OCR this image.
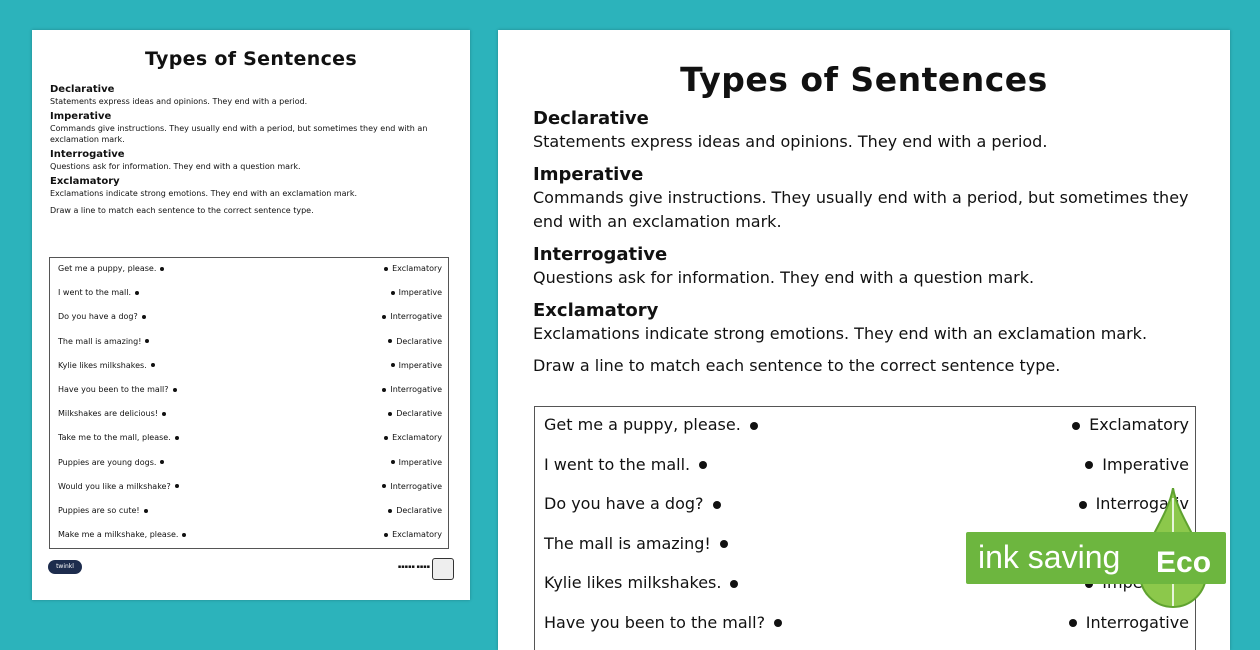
Types of Sentences
Declarative
Statements express ideas and opinions. They end with a period.
Imperative
Commands give instructions. They usually end with a period, but sometimes they end with an exclamation mark.
Interrogative
Questions ask for information. They end with a question mark.
Exclamatory
Exclamations indicate strong emotions. They end with an exclamation mark.
Draw a line to match each sentence to the correct sentence type.
Get me a puppy, please.	Exclamatory
I went to the mall.	Imperative
Do you have a dog?	Interrogative
The mall is amazing!	Declarative
Kylie likes milkshakes.	Imperative
Have you been to the mall?	Interrogative
Milkshakes are delicious!	Declarative
Take me to the mall, please.	Exclamatory
Puppies are young dogs.	Imperative
Would you like a milkshake?	Interrogative
Puppies are so cute!	Declarative
Make me a milkshake, please.	Exclamatory
twinkl	▪▪▪▪▪ ▪▪▪▪
Types of Sentences
Declarative
Statements express ideas and opinions. They end with a period.
Imperative
Commands give instructions. They usually end with a period, but sometimes they end with an exclamation mark.
Interrogative
Questions ask for information. They end with a question mark.
Exclamatory
Exclamations indicate strong emotions. They end with an exclamation mark.
Draw a line to match each sentence to the correct sentence type.
Get me a puppy, please.	Exclamatory
I went to the mall.	Imperative
Do you have a dog?	Interrogativ
The mall is amazing!
Kylie likes milkshakes.
Have you been to the mall?	Interrogative
ink saving Eco
